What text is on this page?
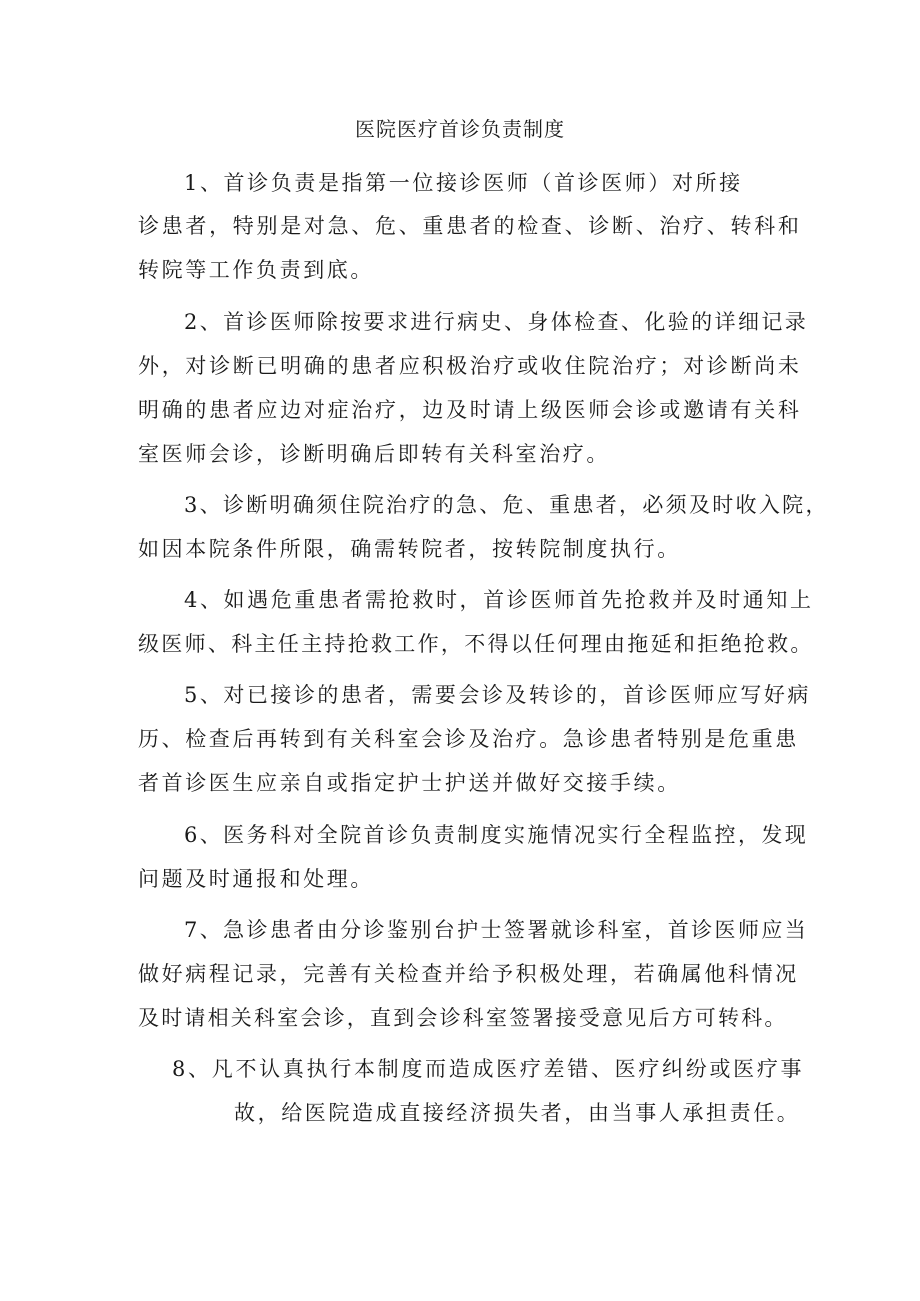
医院医疗首诊负责制度
1、首诊负责是指第一位接诊医师（首诊医师）对所接
诊患者，特别是对急、危、重患者的检查、诊断、治疗、转科和
转院等工作负责到底。
2、首诊医师除按要求进行病史、身体检查、化验的详细记录
外，对诊断已明确的患者应积极治疗或收住院治疗；对诊断尚未
明确的患者应边对症治疗，边及时请上级医师会诊或邀请有关科
室医师会诊，诊断明确后即转有关科室治疗。
3、诊断明确须住院治疗的急、危、重患者，必须及时收入院，
如因本院条件所限，确需转院者，按转院制度执行。
4、如遇危重患者需抢救时，首诊医师首先抢救并及时通知上
级医师、科主任主持抢救工作，不得以任何理由拖延和拒绝抢救。
5、对已接诊的患者，需要会诊及转诊的，首诊医师应写好病
历、检查后再转到有关科室会诊及治疗。急诊患者特别是危重患
者首诊医生应亲自或指定护士护送并做好交接手续。
6、医务科对全院首诊负责制度实施情况实行全程监控，发现
问题及时通报和处理。
7、急诊患者由分诊鉴别台护士签署就诊科室，首诊医师应当
做好病程记录，完善有关检查并给予积极处理，若确属他科情况
及时请相关科室会诊，直到会诊科室签署接受意见后方可转科。
8、凡不认真执行本制度而造成医疗差错、医疗纠纷或医疗事
故，给医院造成直接经济损失者，由当事人承担责任。
